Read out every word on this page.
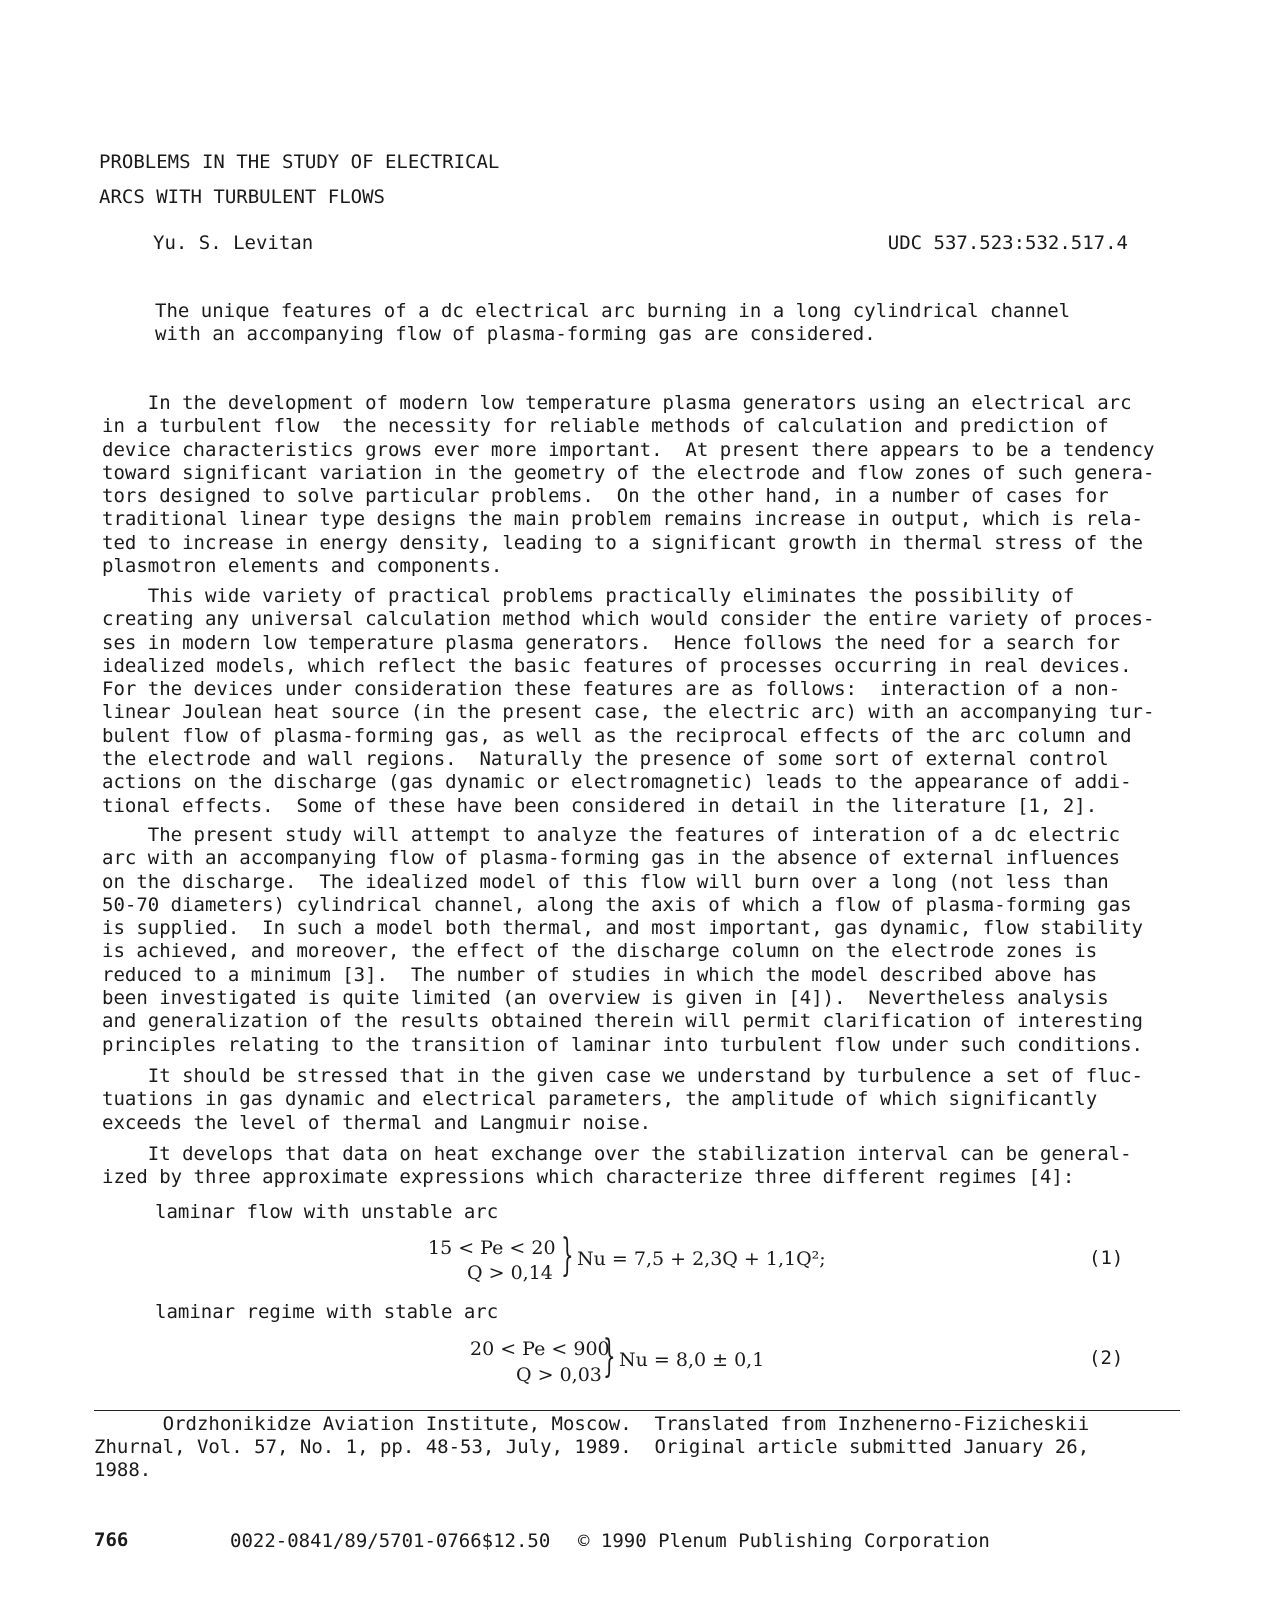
PROBLEMS IN THE STUDY OF ELECTRICAL
ARCS WITH TURBULENT FLOWS
Yu. S. Levitan	UDC 537.523:532.517.4
The unique features of a dc electrical arc burning in a long cylindrical channel
with an accompanying flow of plasma-forming gas are considered.
In the development of modern low temperature plasma generators using an electrical arc
in a turbulent flow  the necessity for reliable methods of calculation and prediction of
device characteristics grows ever more important.  At present there appears to be a tendency
toward significant variation in the geometry of the electrode and flow zones of such genera-
tors designed to solve particular problems.  On the other hand, in a number of cases for
traditional linear type designs the main problem remains increase in output, which is rela-
ted to increase in energy density, leading to a significant growth in thermal stress of the
plasmotron elements and components.
This wide variety of practical problems practically eliminates the possibility of
creating any universal calculation method which would consider the entire variety of proces-
ses in modern low temperature plasma generators.  Hence follows the need for a search for
idealized models, which reflect the basic features of processes occurring in real devices.
For the devices under consideration these features are as follows:  interaction of a non-
linear Joulean heat source (in the present case, the electric arc) with an accompanying tur-
bulent flow of plasma-forming gas, as well as the reciprocal effects of the arc column and
the electrode and wall regions.  Naturally the presence of some sort of external control
actions on the discharge (gas dynamic or electromagnetic) leads to the appearance of addi-
tional effects.  Some of these have been considered in detail in the literature [1, 2].
The present study will attempt to analyze the features of interation of a dc electric
arc with an accompanying flow of plasma-forming gas in the absence of external influences
on the discharge.  The idealized model of this flow will burn over a long (not less than
50-70 diameters) cylindrical channel, along the axis of which a flow of plasma-forming gas
is supplied.  In such a model both thermal, and most important, gas dynamic, flow stability
is achieved, and moreover, the effect of the discharge column on the electrode zones is
reduced to a minimum [3].  The number of studies in which the model described above has
been investigated is quite limited (an overview is given in [4]).  Nevertheless analysis
and generalization of the results obtained therein will permit clarification of interesting
principles relating to the transition of laminar into turbulent flow under such conditions.
It should be stressed that in the given case we understand by turbulence a set of fluc-
tuations in gas dynamic and electrical parameters, the amplitude of which significantly
exceeds the level of thermal and Langmuir noise.
It develops that data on heat exchange over the stabilization interval can be general-
ized by three approximate expressions which characterize three different regimes [4]:
laminar flow with unstable arc
15 < Pe < 20
Q > 0,14 } Nu = 7,5 + 2,3Q + 1,1Q²;	(1)
laminar regime with stable arc
20 < Pe < 900
Q > 0,03 } Nu = 8,0 ± 0,1	(2)
Ordzhonikidze Aviation Institute, Moscow.  Translated from Inzhenerno-Fizicheskii
Zhurnal, Vol. 57, No. 1, pp. 48-53, July, 1989.  Original article submitted January 26,
1988.
766	0022-0841/89/5701-0766$12.50 © 1990 Plenum Publishing Corporation
